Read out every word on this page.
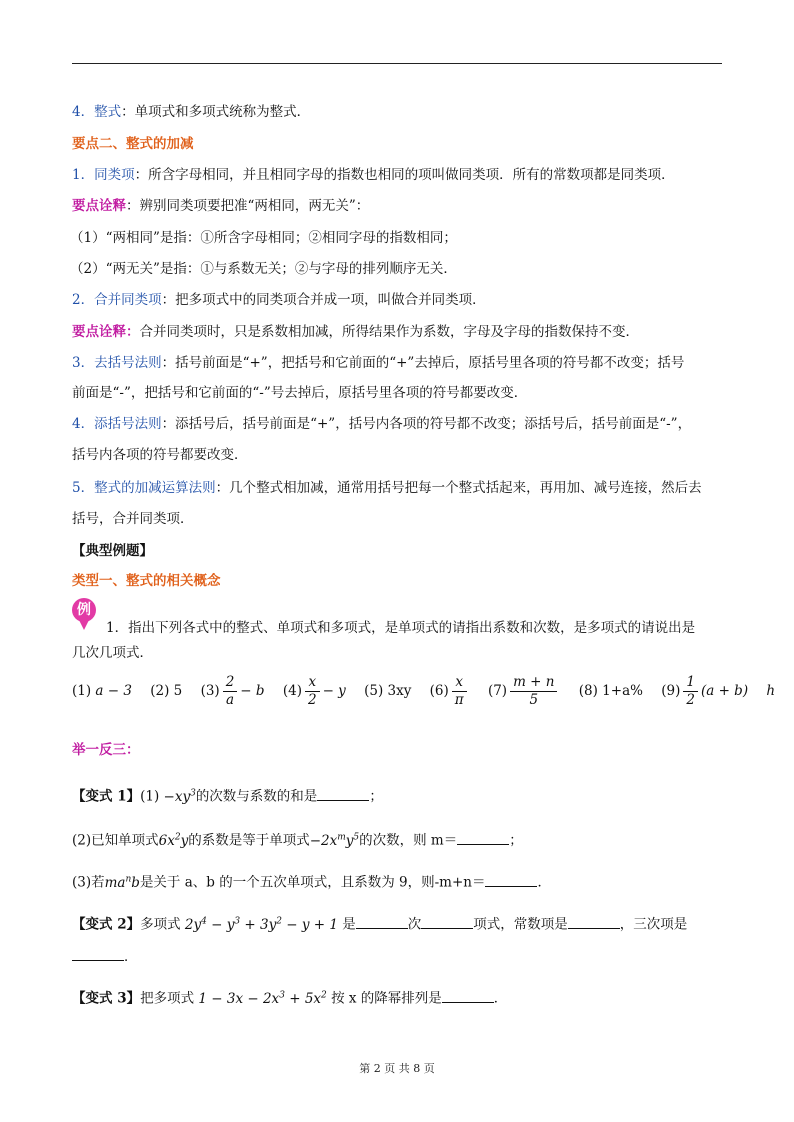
4．整式：单项式和多项式统称为整式．
要点二、整式的加减
1．同类项：所含字母相同，并且相同字母的指数也相同的项叫做同类项．所有的常数项都是同类项．
要点诠释：辨别同类项要把准“两相同，两无关”：
（1）“两相同”是指：①所含字母相同；②相同字母的指数相同；
（2）“两无关”是指：①与系数无关；②与字母的排列顺序无关．
2．合并同类项：把多项式中的同类项合并成一项，叫做合并同类项．
要点诠释：合并同类项时，只是系数相加减，所得结果作为系数，字母及字母的指数保持不变．
3．去括号法则：括号前面是“+”，把括号和它前面的“+”去掉后，原括号里各项的符号都不改变；括号
前面是“-”，把括号和它前面的“-”号去掉后，原括号里各项的符号都要改变．
4．添括号法则：添括号后，括号前面是“+”，括号内各项的符号都不改变；添括号后，括号前面是“-”，
括号内各项的符号都要改变．
5．整式的加减运算法则：几个整式相加减，通常用括号把每一个整式括起来，再用加、减号连接，然后去
括号，合并同类项．
【典型例题】
类型一、整式的相关概念
例
1．指出下列各式中的整式、单项式和多项式，是单项式的请指出系数和次数，是多项式的请说出是
几次几项式．
(1) a − 3 (2) 5 $(3) \frac{2}{a} - b$ $(4) \frac{x}{2} - y$ (5) 3xy $(6) \frac{x}{\pi} (7) \frac{m + n}{5} (8)$ 1+a% $(9) \frac{1}{2} (a + b)$ h
举一反三：
【变式 1】$(1) -xy^3$的次数与系数的和是	；
(2)已知单项式$6x^2y$的系数是等于单项式$-2x^my^5$的次数，则 m＝	；
(3)若$ma^nb$是关于 a、b 的一个五次单项式，且系数为 9，则-m+n＝	．
【变式 2】多项式 $2y^4 - y^3 + 3y^2 - y + 1$ 是	次	项式，常数项是	，三次项是
．
【变式 3】把多项式 $1 - 3x - 2x^3 + 5x^2$ 按 x 的降幂排列是	．
第 2 页 共 8 页
